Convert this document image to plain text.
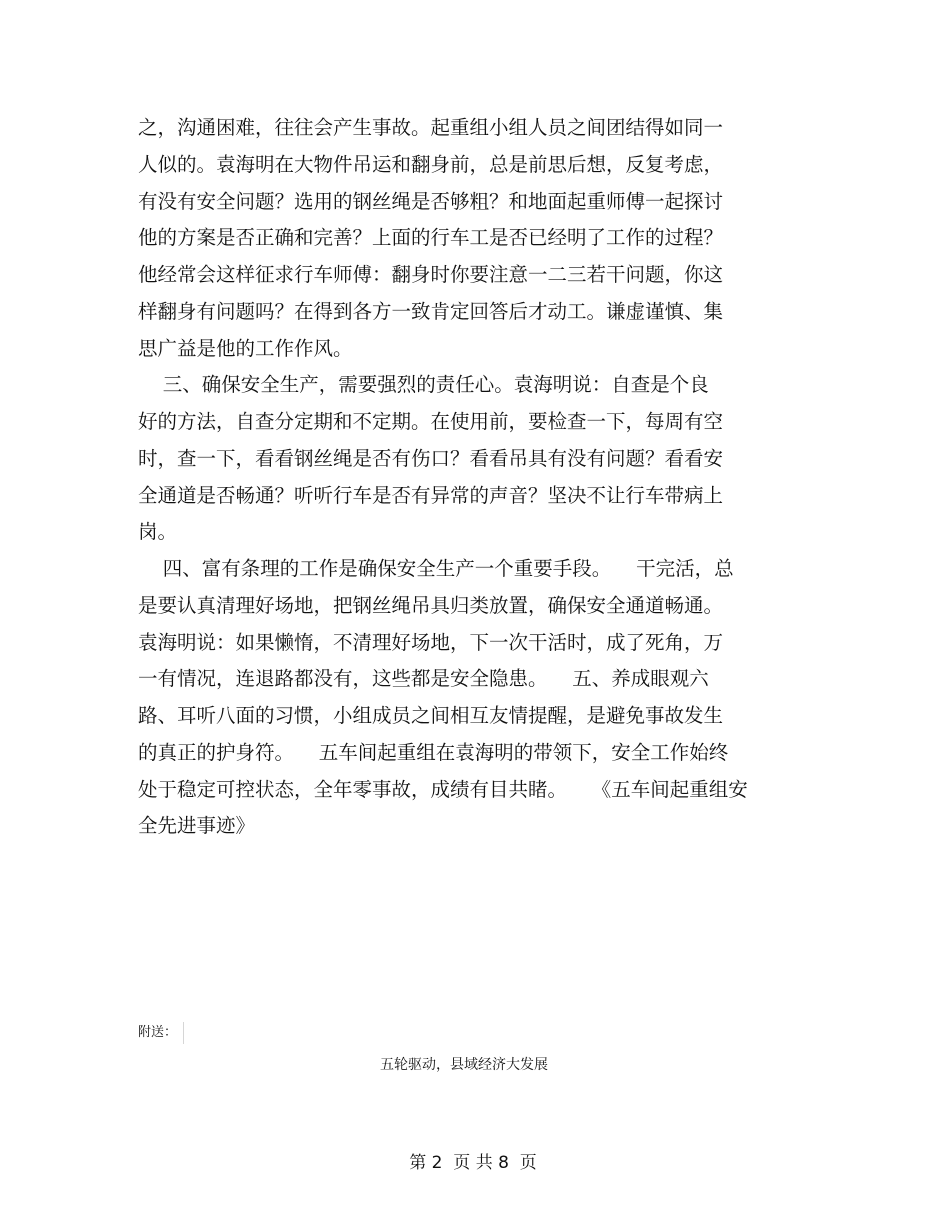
之，沟通困难，往往会产生事故。起重组小组人员之间团结得如同一
人似的。袁海明在大物件吊运和翻身前，总是前思后想，反复考虑，
有没有安全问题？选用的钢丝绳是否够粗？和地面起重师傅一起探讨
他的方案是否正确和完善？上面的行车工是否已经明了工作的过程？
他经常会这样征求行车师傅：翻身时你要注意一二三若干问题，你这
样翻身有问题吗？在得到各方一致肯定回答后才动工。谦虚谨慎、集
思广益是他的工作作风。
三、确保安全生产，需要强烈的责任心。袁海明说：自查是个良
好的方法，自查分定期和不定期。在使用前，要检查一下，每周有空
时，查一下，看看钢丝绳是否有伤口？看看吊具有没有问题？看看安
全通道是否畅通？听听行车是否有异常的声音？坚决不让行车带病上
岗。
四、富有条理的工作是确保安全生产一个重要手段。    干完活，总
是要认真清理好场地，把钢丝绳吊具归类放置，确保安全通道畅通。
袁海明说：如果懒惰，不清理好场地，下一次干活时，成了死角，万
一有情况，连退路都没有，这些都是安全隐患。    五、养成眼观六
路、耳听八面的习惯，小组成员之间相互友情提醒，是避免事故发生
的真正的护身符。    五车间起重组在袁海明的带领下，安全工作始终
处于稳定可控状态，全年零事故，成绩有目共睹。    《五车间起重组安
全先进事迹》
附送：
五轮驱动，县域经济大发展
第 2  页 共 8  页
